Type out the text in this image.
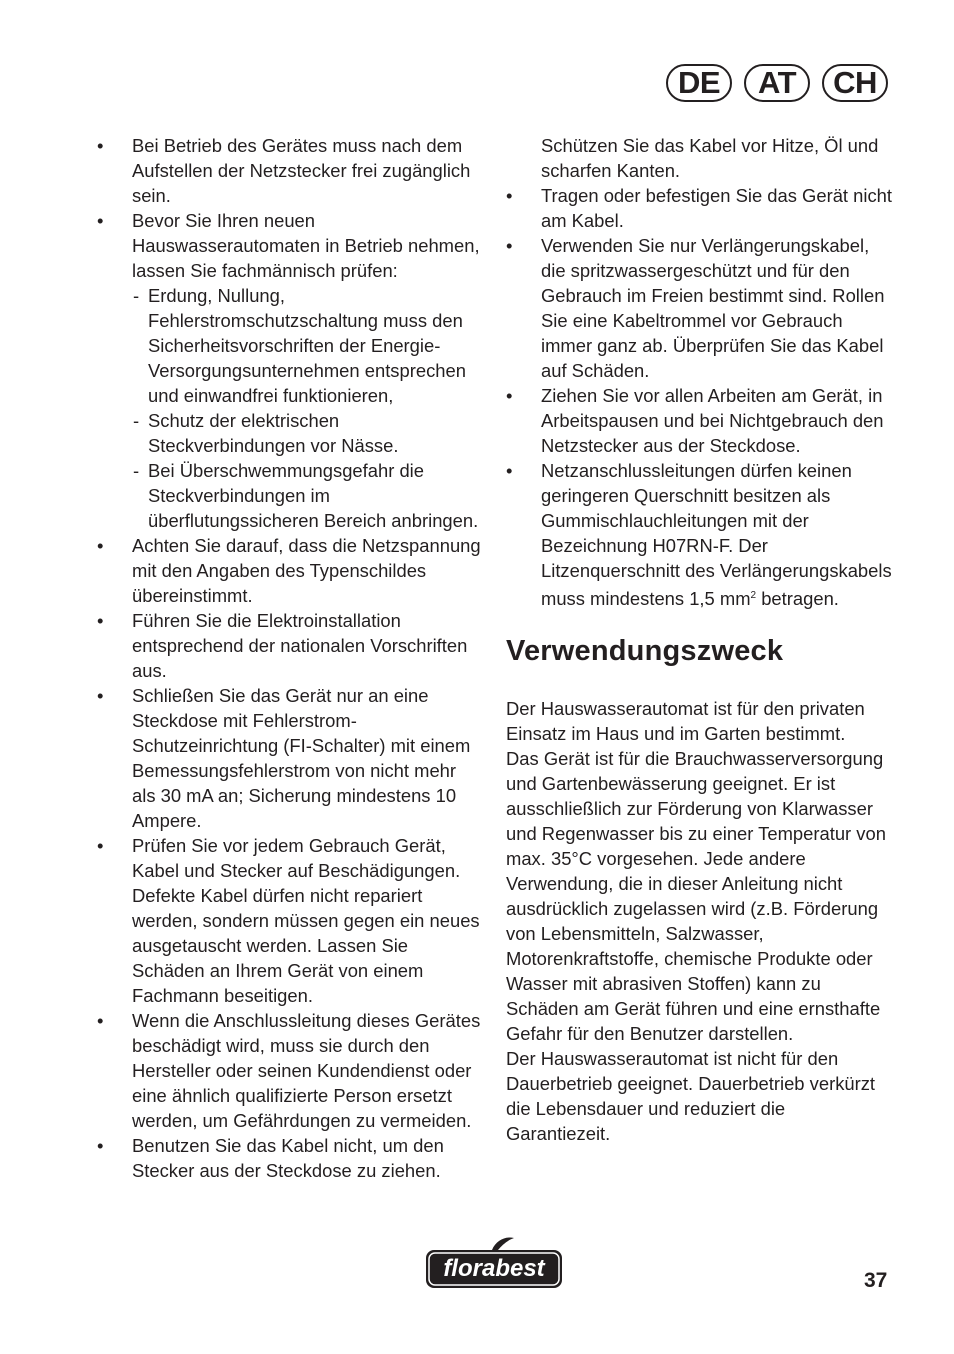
DE	AT	CH
• Bei Betrieb des Gerätes muss nach dem Aufstellen der Netzstecker frei zugänglich sein.
• Bevor Sie Ihren neuen Hauswasserautomaten in Betrieb nehmen, lassen Sie fachmännisch prüfen:
- Erdung, Nullung, Fehlerstromschutzschaltung muss den Sicherheitsvorschriften der Energie-Versorgungsunternehmen entsprechen und einwandfrei funktionieren,
- Schutz der elektrischen Steckverbindungen vor Nässe.
- Bei Überschwemmungsgefahr die Steckverbindungen im überflutungssicheren Bereich anbringen.
• Achten Sie darauf, dass die Netzspannung mit den Angaben des Typenschildes übereinstimmt.
• Führen Sie die Elektroinstallation entsprechend der nationalen Vorschriften aus.
• Schließen Sie das Gerät nur an eine Steckdose mit Fehlerstrom-Schutzeinrichtung (FI-Schalter) mit einem Bemessungsfehlerstrom von nicht mehr als 30 mA an; Sicherung mindestens 10 Ampere.
• Prüfen Sie vor jedem Gebrauch Gerät, Kabel und Stecker auf Beschädigungen. Defekte Kabel dürfen nicht repariert werden, sondern müssen gegen ein neues ausgetauscht werden. Lassen Sie Schäden an Ihrem Gerät von einem Fachmann beseitigen.
• Wenn die Anschlussleitung dieses Gerätes beschädigt wird, muss sie durch den Hersteller oder seinen Kundendienst oder eine ähnlich qualifizierte Person ersetzt werden, um Gefährdungen zu vermeiden.
• Benutzen Sie das Kabel nicht, um den Stecker aus der Steckdose zu ziehen.
Schützen Sie das Kabel vor Hitze, Öl und scharfen Kanten.
• Tragen oder befestigen Sie das Gerät nicht am Kabel.
• Verwenden Sie nur Verlängerungskabel, die spritzwassergeschützt und für den Gebrauch im Freien bestimmt sind. Rollen Sie eine Kabeltrommel vor Gebrauch immer ganz ab. Überprüfen Sie das Kabel auf Schäden.
• Ziehen Sie vor allen Arbeiten am Gerät, in Arbeitspausen und bei Nichtgebrauch den Netzstecker aus der Steckdose.
• Netzanschlussleitungen dürfen keinen geringeren Querschnitt besitzen als Gummischlauchleitungen mit der Bezeichnung H07RN-F. Der Litzenquerschnitt des Verlängerungskabels muss mindestens 1,5 $mm^2$ betragen.
Verwendungszweck

Der Hauswasserautomat ist für den privaten Einsatz im Haus und im Garten bestimmt.

Das Gerät ist für die Brauchwasserversorgung und Gartenbewässerung geeignet. Er ist ausschließlich zur Förderung von Klarwasser und Regenwasser bis zu einer Temperatur von max. 35°C vorgesehen. Jede andere Verwendung, die in dieser Anleitung nicht ausdrücklich zugelassen wird (z.B. Förderung von Lebensmitteln, Salzwasser, Motorenkraftstoffe, chemische Produkte oder Wasser mit abrasiven Stoffen) kann zu Schäden am Gerät führen und eine ernsthafte Gefahr für den Benutzer darstellen.

Der Hauswasserautomat ist nicht für den Dauerbetrieb geeignet. Dauerbetrieb verkürzt die Lebensdauer und reduziert die Garantiezeit.

florabest	37
